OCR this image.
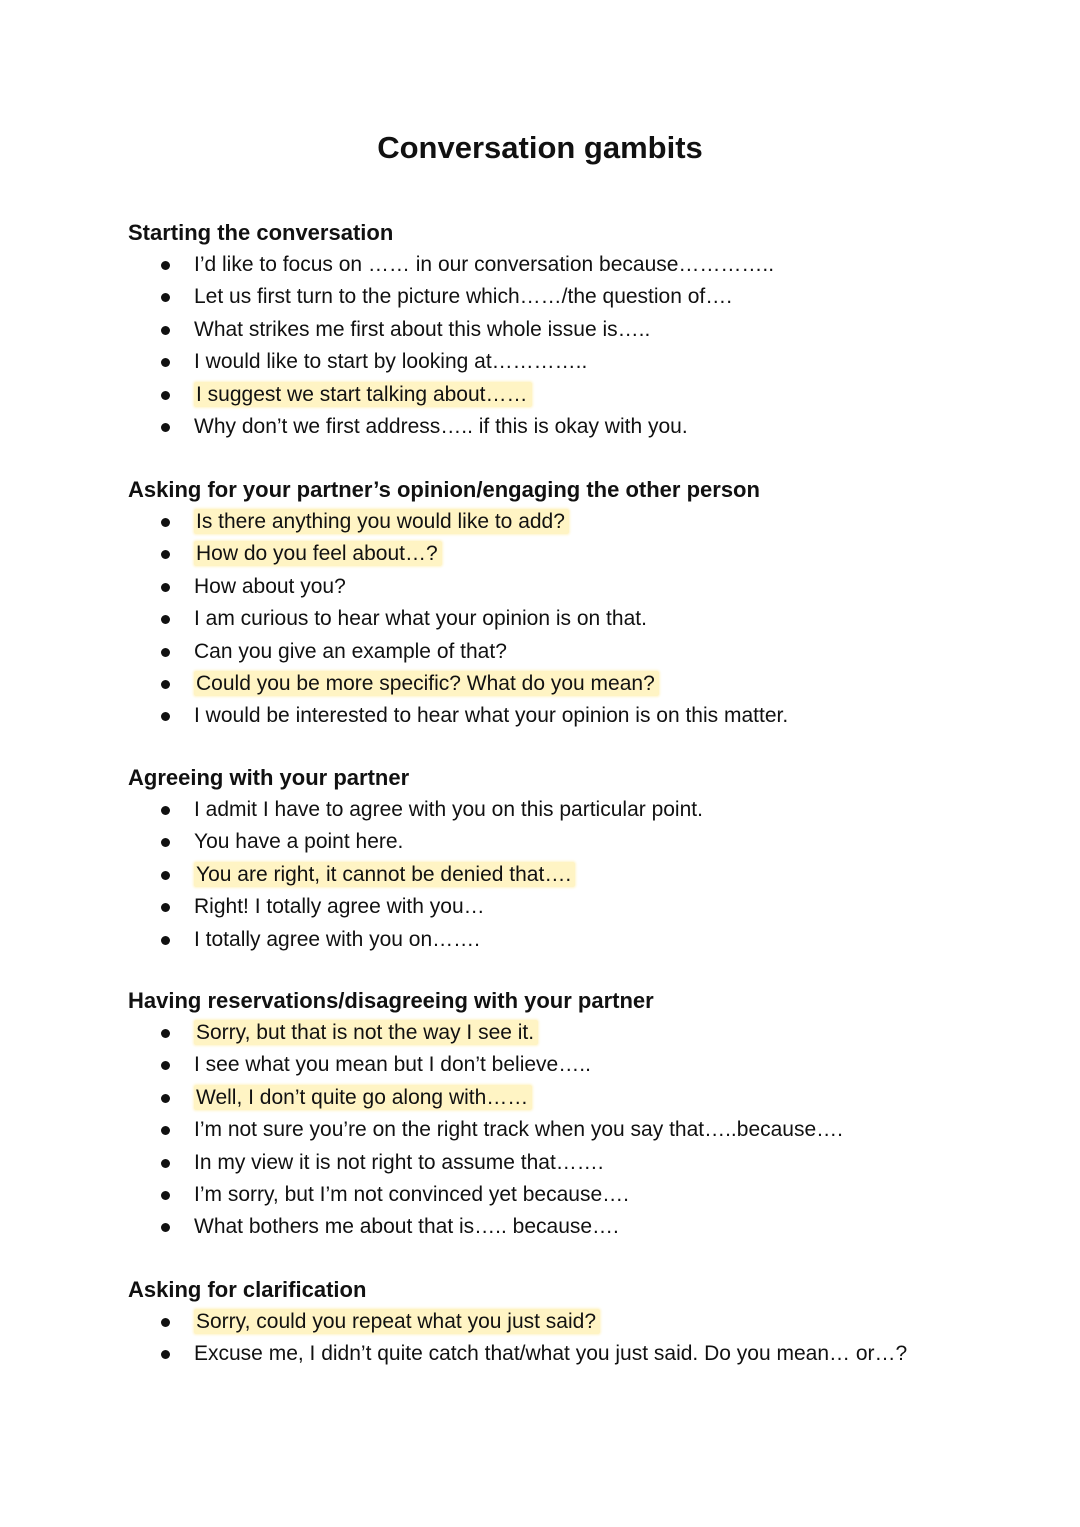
Conversation gambits
Starting the conversation
I’d like to focus on …… in our conversation because…………..
Let us first turn to the picture which……/the question of….
What strikes me first about this whole issue is…..
I would like to start by looking at…………..
I suggest we start talking about……
Why don’t we first address….. if this is okay with you.
Asking for your partner’s opinion/engaging the other person
Is there anything you would like to add?
How do you feel about…?
How about you?
I am curious to hear what your opinion is on that.
Can you give an example of that?
Could you be more specific? What do you mean?
I would be interested to hear what your opinion is on this matter.
Agreeing with your partner
I admit I have to agree with you on this particular point.
You have a point here.
You are right, it cannot be denied that….
Right! I totally agree with you…
I totally agree with you on…….
Having reservations/disagreeing with your partner
Sorry, but that is not the way I see it.
I see what you mean but I don’t believe…..
Well, I don’t quite go along with……
I’m not sure you’re on the right track when you say that…..because….
In my view it is not right to assume that…….
I’m sorry, but I’m not convinced yet because….
What bothers me about that is….. because….
Asking for clarification
Sorry, could you repeat what you just said?
Excuse me, I didn’t quite catch that/what you just said. Do you mean… or…?
